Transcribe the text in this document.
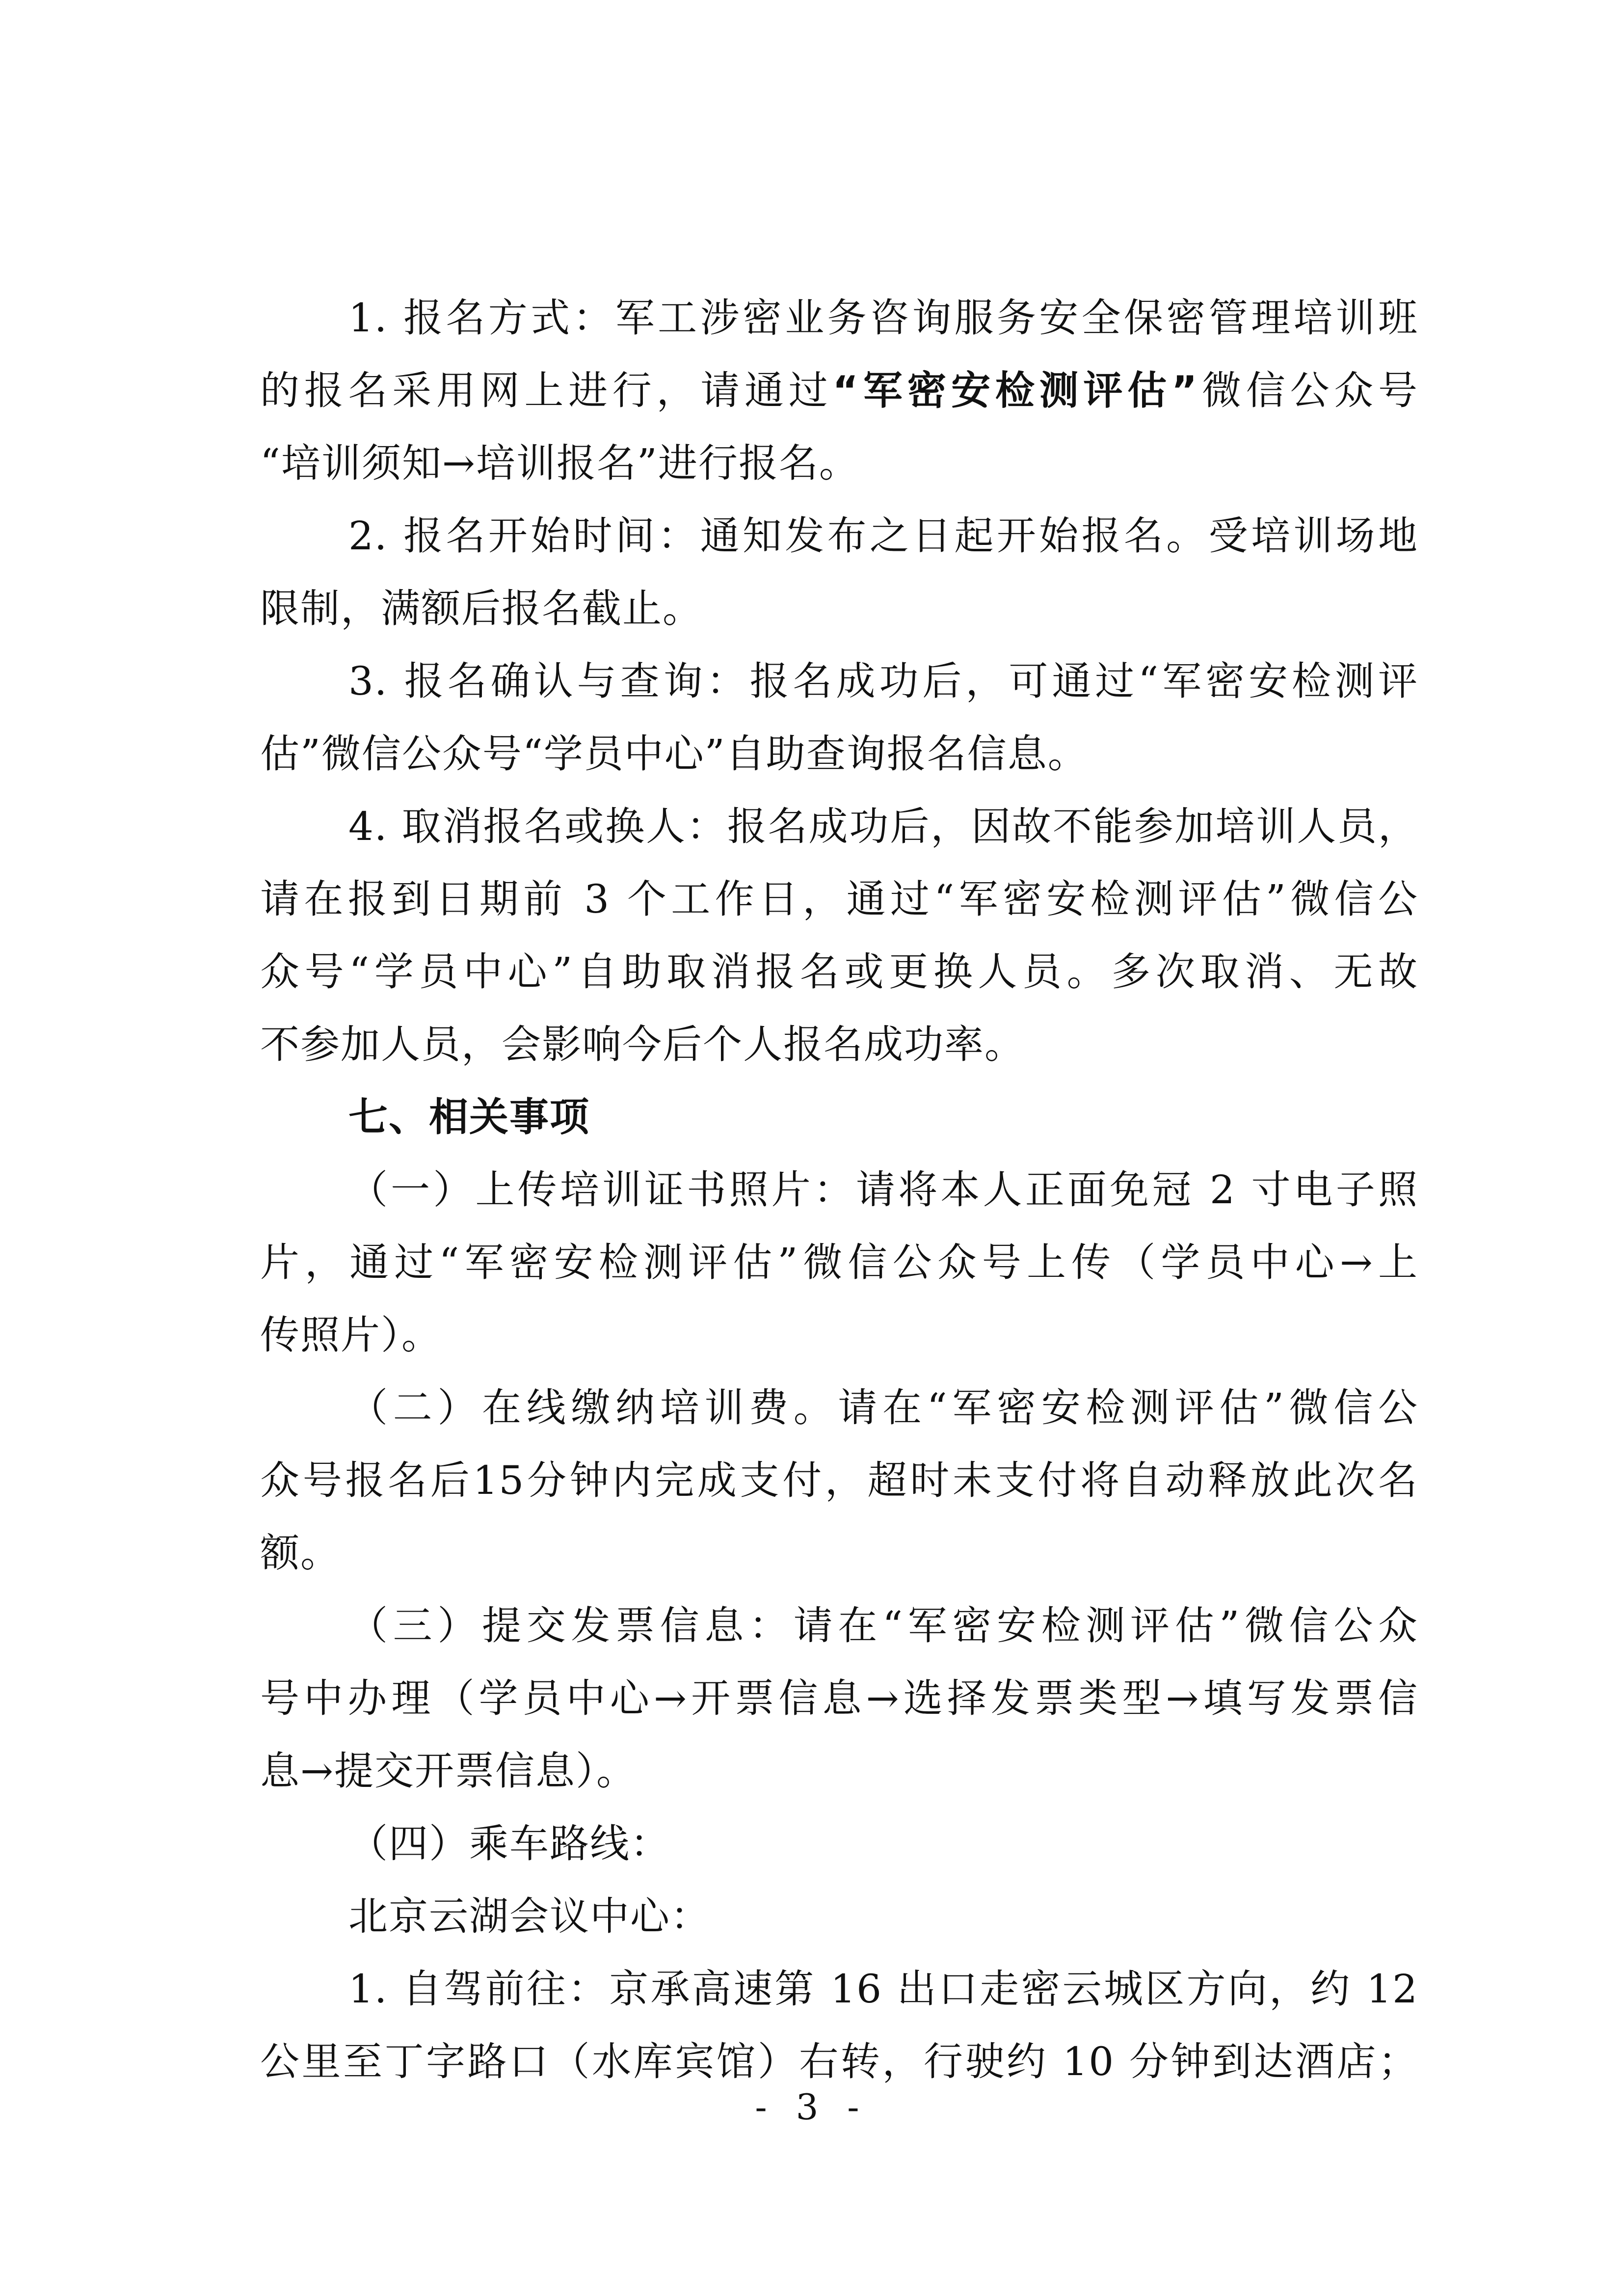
1. 报名方式：军工涉密业务咨询服务安全保密管理培训班
的报名采用网上进行，请通过“军密安检测评估”微信公众号
“培训须知→培训报名”进行报名。
2. 报名开始时间：通知发布之日起开始报名。受培训场地
限制，满额后报名截止。
3. 报名确认与查询：报名成功后，可通过“军密安检测评
估”微信公众号“学员中心”自助查询报名信息。
4. 取消报名或换人：报名成功后，因故不能参加培训人员，
请在报到日期前 3 个工作日，通过“军密安检测评估”微信公
众号“学员中心”自助取消报名或更换人员。多次取消、无故
不参加人员，会影响今后个人报名成功率。
七、相关事项
（一）上传培训证书照片：请将本人正面免冠 2 寸电子照
片，通过“军密安检测评估”微信公众号上传（学员中心→上
传照片）。
（二）在线缴纳培训费。请在“军密安检测评估”微信公
众号报名后15分钟内完成支付，超时未支付将自动释放此次名
额。
（三）提交发票信息：请在“军密安检测评估”微信公众
号中办理（学员中心→开票信息→选择发票类型→填写发票信
息→提交开票信息）。
（四）乘车路线：
北京云湖会议中心：
1. 自驾前往：京承高速第 16 出口走密云城区方向，约 12
公里至丁字路口（水库宾馆）右转，行驶约 10 分钟到达酒店；
- 3 -
